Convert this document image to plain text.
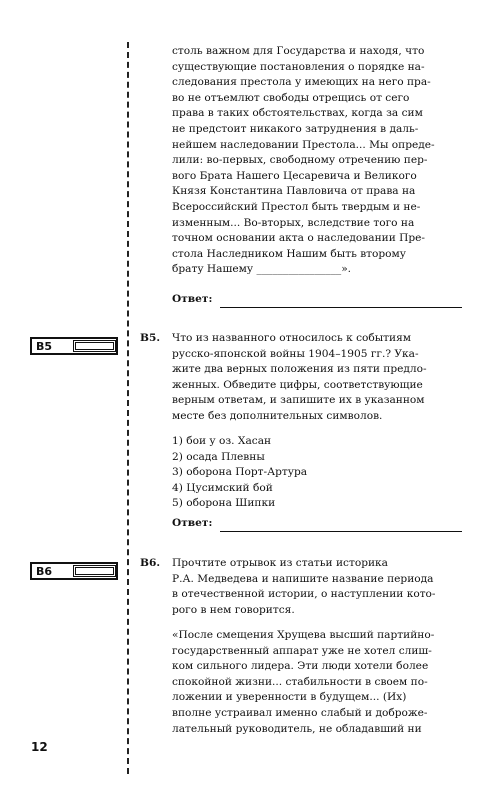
столь важном для Государства и находя, что

существующие постановления о порядке на-

следования престола у имеющих на него пра-

во не отъемлют свободы отрещись от сего

права в таких обстоятельствах, когда за сим

не предстоит никакого затруднения в даль-

нейшем наследовании Престола... Мы опреде-

лили: во-первых, свободному отречению пер-

вого Брата Нашего Цесаревича и Великого

Князя Константина Павловича от права на

Всероссийский Престол быть твердым и не-

изменным... Во-вторых, вследствие того на

точном основании акта о наследовании Пре-

стола Наследником Нашим быть второму

брату Нашему ________________».

Ответ:
B5
B5. Что из названного относилось к событиям

русско-японской войны 1904–1905 гг.? Ука-

жите два верных положения из пяти предло-

женных. Обведите цифры, соответствующие

верным ответам, и запишите их в указанном

месте без дополнительных символов.

1) бои у оз. Хасан
2) осада Плевны
3) оборона Порт-Артура
4) Цусимский бой
5) оборона Шипки
Ответ:
B6
B6. Прочтите отрывок из статьи историка

Р.А. Медведева и напишите название периода

в отечественной истории, о наступлении кото-

рого в нем говорится.

«После смещения Хрущева высший партийно-

государственный аппарат уже не хотел слиш-

ком сильного лидера. Эти люди хотели более

спокойной жизни... стабильности в своем по-

ложении и уверенности в будущем... (Их)

вполне устраивал именно слабый и доброже-

лательный руководитель, не обладавший ни

12
